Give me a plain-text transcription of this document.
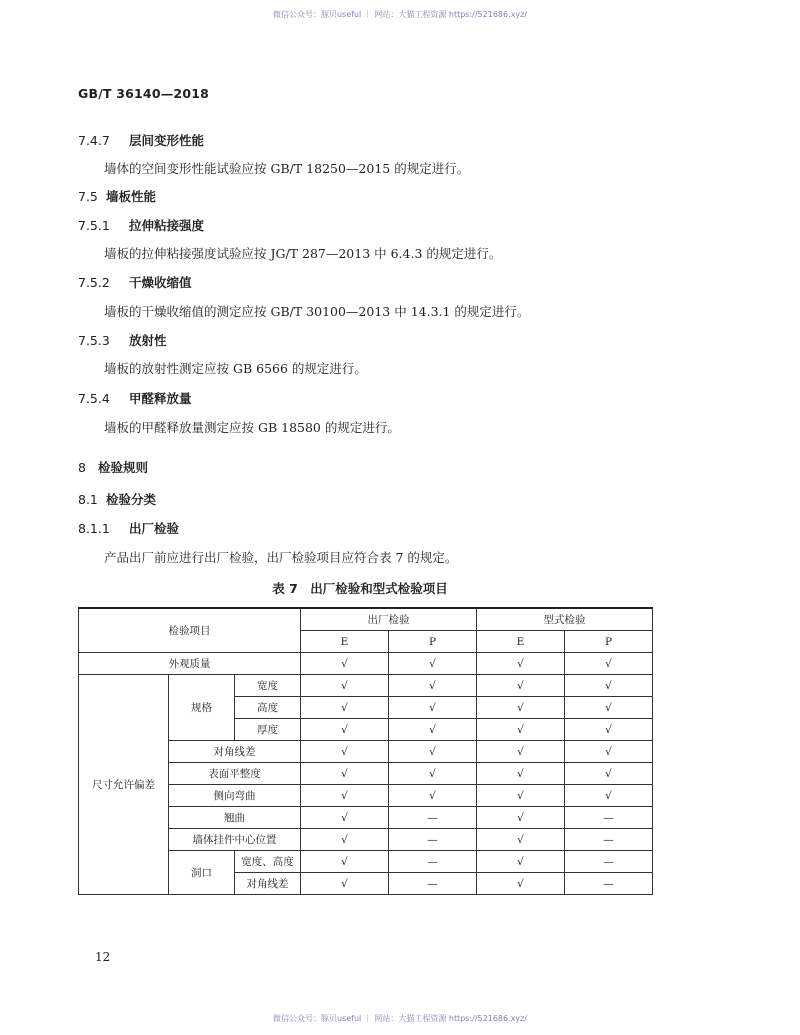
微信公众号：豚贝useful ｜ 网站：大猫工程资源 https://521686.xyz/
GB/T 36140—2018
7.4.7 层间变形性能
墙体的空间变形性能试验应按 GB/T 18250—2015 的规定进行。
7.5 墙板性能
7.5.1 拉伸粘接强度
墙板的拉伸粘接强度试验应按 JG/T 287—2013 中 6.4.3 的规定进行。
7.5.2 干燥收缩值
墙板的干燥收缩值的测定应按 GB/T 30100—2013 中 14.3.1 的规定进行。
7.5.3 放射性
墙板的放射性测定应按 GB 6566 的规定进行。
7.5.4 甲醛释放量
墙板的甲醛释放量测定应按 GB 18580 的规定进行。
8 检验规则
8.1 检验分类
8.1.1 出厂检验
产品出厂前应进行出厂检验，出厂检验项目应符合表 7 的规定。
表 7　出厂检验和型式检验项目
检验项目			出厂检验		型式检验	
			E	P	E	P
外观质量			√	√	√	√
尺寸允许偏差	规格	宽度	√	√	√	√
		高度	√	√	√	√
		厚度	√	√	√	√
	对角线差		√	√	√	√
	表面平整度		√	√	√	√
	侧向弯曲		√	√	√	√
	翘曲		√	—	√	—
	墙体挂件中心位置		√	—	√	—
	洞口	宽度、高度	√	—	√	—
		对角线差	√	—	√	—
12
微信公众号：豚贝useful ｜ 网站：大猫工程资源 https://521686.xyz/
